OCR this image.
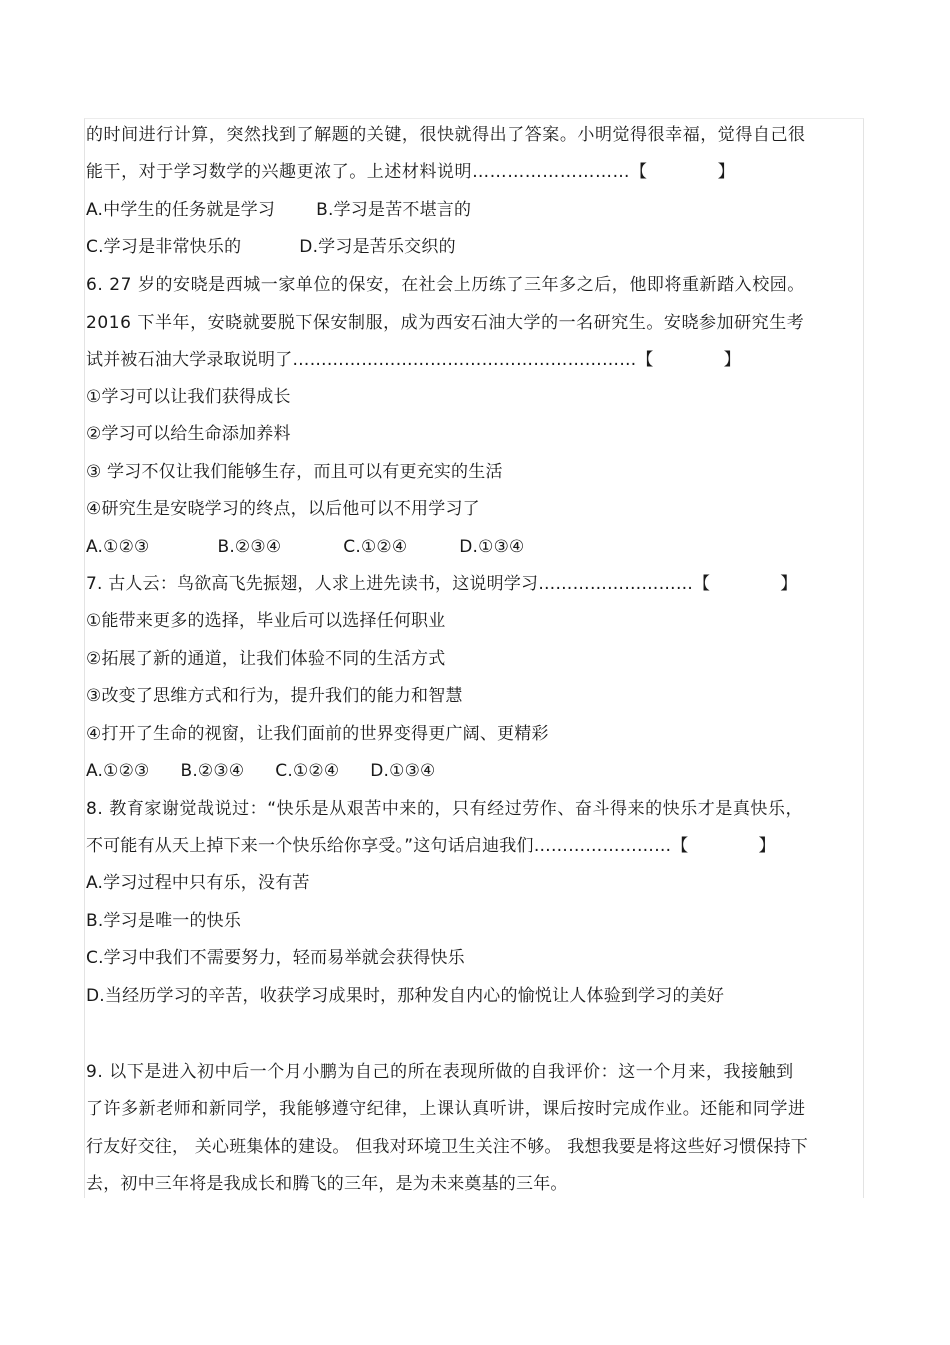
的时间进行计算，突然找到了解题的关键，很快就得出了答案。小明觉得很幸福，觉得自己很
能干，对于学习数学的兴趣更浓了。上述材料说明………………………【	】
A.中学生的任务就是学习 B.学习是苦不堪言的
C.学习是非常快乐的	D.学习是苦乐交织的
6. 27 岁的安晓是西城一家单位的保安，在社会上历练了三年多之后，他即将重新踏入校园。
2016 下半年，安晓就要脱下保安制服，成为西安石油大学的一名研究生。安晓参加研究生考
试并被石油大学录取说明了……………………………………………………【	】
①学习可以让我们获得成长
②学习可以给生命添加养料
③ 学习不仅让我们能够生存，而且可以有更充实的生活
④研究生是安晓学习的终点，以后他可以不用学习了
A.①②③	B.②③④	C.①②④	D.①③④
7. 古人云：鸟欲高飞先振翅，人求上进先读书，这说明学习………………………【	】
①能带来更多的选择，毕业后可以选择任何职业
②拓展了新的通道，让我们体验不同的生活方式
③改变了思维方式和行为，提升我们的能力和智慧
④打开了生命的视窗，让我们面前的世界变得更广阔、更精彩
A.①②③ B.②③④ C.①②④ D.①③④
8. 教育家谢觉哉说过：“快乐是从艰苦中来的，只有经过劳作、奋斗得来的快乐才是真快乐，
不可能有从天上掉下来一个快乐给你享受。”这句话启迪我们……………………【	】
A.学习过程中只有乐，没有苦
B.学习是唯一的快乐
C.学习中我们不需要努力，轻而易举就会获得快乐
D.当经历学习的辛苦，收获学习成果时，那种发自内心的愉悦让人体验到学习的美好
9. 以下是进入初中后一个月小鹏为自己的所在表现所做的自我评价：这一个月来，我接触到
了许多新老师和新同学，我能够遵守纪律，上课认真听讲，课后按时完成作业。还能和同学进
行友好交往， 关心班集体的建设。 但我对环境卫生关注不够。 我想我要是将这些好习惯保持下
去，初中三年将是我成长和腾飞的三年，是为未来奠基的三年。
